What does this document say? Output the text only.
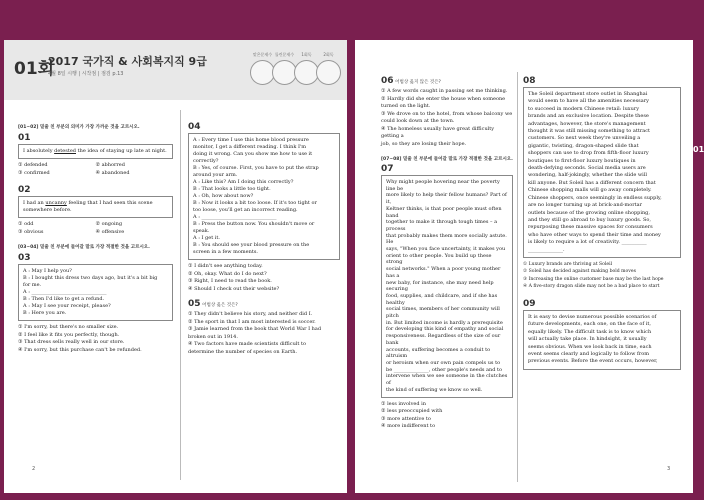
01회
2017 국가직 & 사회복지직 9급
4월 8일 시행 | 시작점 | 점검 p.13
맞은문제수 틀린문제수	1회독	2회독
[01~02] 밑줄 친 부분의 의미가 가장 가까운 것을 고르시오.
01
I absolutely detested the idea of staying up late at night.
① defended	② abhorred
③ confirmed	④ abandoned
02
I had an uncanny feeling that I had seen this scene somewhere before.
① odd	② ongoing
③ obvious	④ offensive
[03~04] 밑줄 친 부분에 들어갈 말로 가장 적절한 것을 고르시오.
03
A : May I help you?
B : I bought this dress two days ago, but it's a bit big
for me.
A : ______________________________
B : Then I'd like to get a refund.
A : May I see your receipt, please?
B : Here you are.
① I'm sorry, but there's no smaller size.
② I feel like it fits you perfectly, though.
③ That dress sells really well in our store.
④ I'm sorry, but this purchase can't be refunded.
04
A : Every time I use this home blood pressure
monitor, I get a different reading. I think I'm
doing it wrong. Can you show me how to use it
correctly?
B : Yes, of course. First, you have to put the strap
around your arm.
A : Like this? Am I doing this correctly?
B : That looks a little too tight.
A : Oh, how about now?
B : Now it looks a bit too loose. If it's too tight or
too loose, you'll get an incorrect reading.
A : ______________________________
B : Press the button now. You shouldn't move or
speak.
A : I get it.
B : You should see your blood pressure on the
screen in a few moments.
① I didn't see anything today.
② Oh, okay. What do I do next?
③ Right, I need to read the book.
④ Should I check out their website?
05 어법상 옳은 것은?
① They didn't believe his story, and neither did I.
② The sport in that I am most interested is soccer.
③ Jamie learned from the book that World War I had
broken out in 1914.
④ Two factors have made scientists difficult to
determine the number of species on Earth.
2
06 어법상 옳지 않은 것은?
① A few words caught in passing set me thinking.
② Hardly did she enter the house when someone
turned on the light.
③ We drove on to the hotel, from whose balcony we
could look down at the town.
④ The homeless usually have great difficulty getting a
job, so they are losing their hope.
[07~08] 밑줄 친 부분에 들어갈 말로 가장 적절한 것을 고르시오.
07
Why might people hovering near the poverty line be
more likely to help their fellow humans? Part of it,
Keltner thinks, is that poor people must often band
together to make it through tough times – a process
that probably makes them more socially astute. He
says, "When you face uncertainty, it makes you
orient to other people. You build up these strong
social networks." When a poor young mother has a
new baby, for instance, she may need help securing
food, supplies, and childcare, and if she has healthy
social times, members of her community will pitch
in. But limited income is hardly a prerequisite
for developing this kind of empathy and social
responsiveness. Regardless of the size of our bank
accounts, suffering becomes a conduit to altruism
or heroism when our own pain compels us to
be ______________, other people's needs and to
intervene when we see someone in the clutches of
the kind of suffering we know so well.
① less involved in
② less preoccupied with
③ more attentive to
④ more indifferent to
08
The Soleil department store outlet in Shanghai
would seem to have all the amenities necessary
to succeed in modern Chinese retail: luxury
brands and an exclusive location. Despite these
advantages, however, the store's management
thought it was still missing something to attract
customers. So next week they're unveiling a
gigantic, twisting, dragon-shaped slide that
shoppers can use to drop from fifth-floor luxury
boutiques to first-floor luxury boutiques in
death-defying seconds. Social media users are
wondering, half-jokingly, whether the slide will
kill anyone. But Soleil has a different concern that
Chinese shopping malls will go away completely.
Chinese shoppers, once seemingly in endless supply,
are no longer turning up at brick-and-mortar
outlets because of the growing online shopping,
and they still go abroad to buy luxury goods. So,
repurposing these massive spaces for consumers
who have other ways to spend their time and money
is likely to require a lot of creativity. __________
______________.
① Luxury brands are thriving at Soleil
② Soleil has decided against making bold moves
③ Increasing the online customer base may be the last hope
④ A five-story dragon slide may not be a bad place to start
09
It is easy to devise numerous possible scenarios of
future developments, each one, on the face of it,
equally likely. The difficult task is to know which
will actually take place. In hindsight, it usually
seems obvious. When we look back in time, each
event seems clearly and logically to follow from
previous events. Before the event occurs, however,
3
01
